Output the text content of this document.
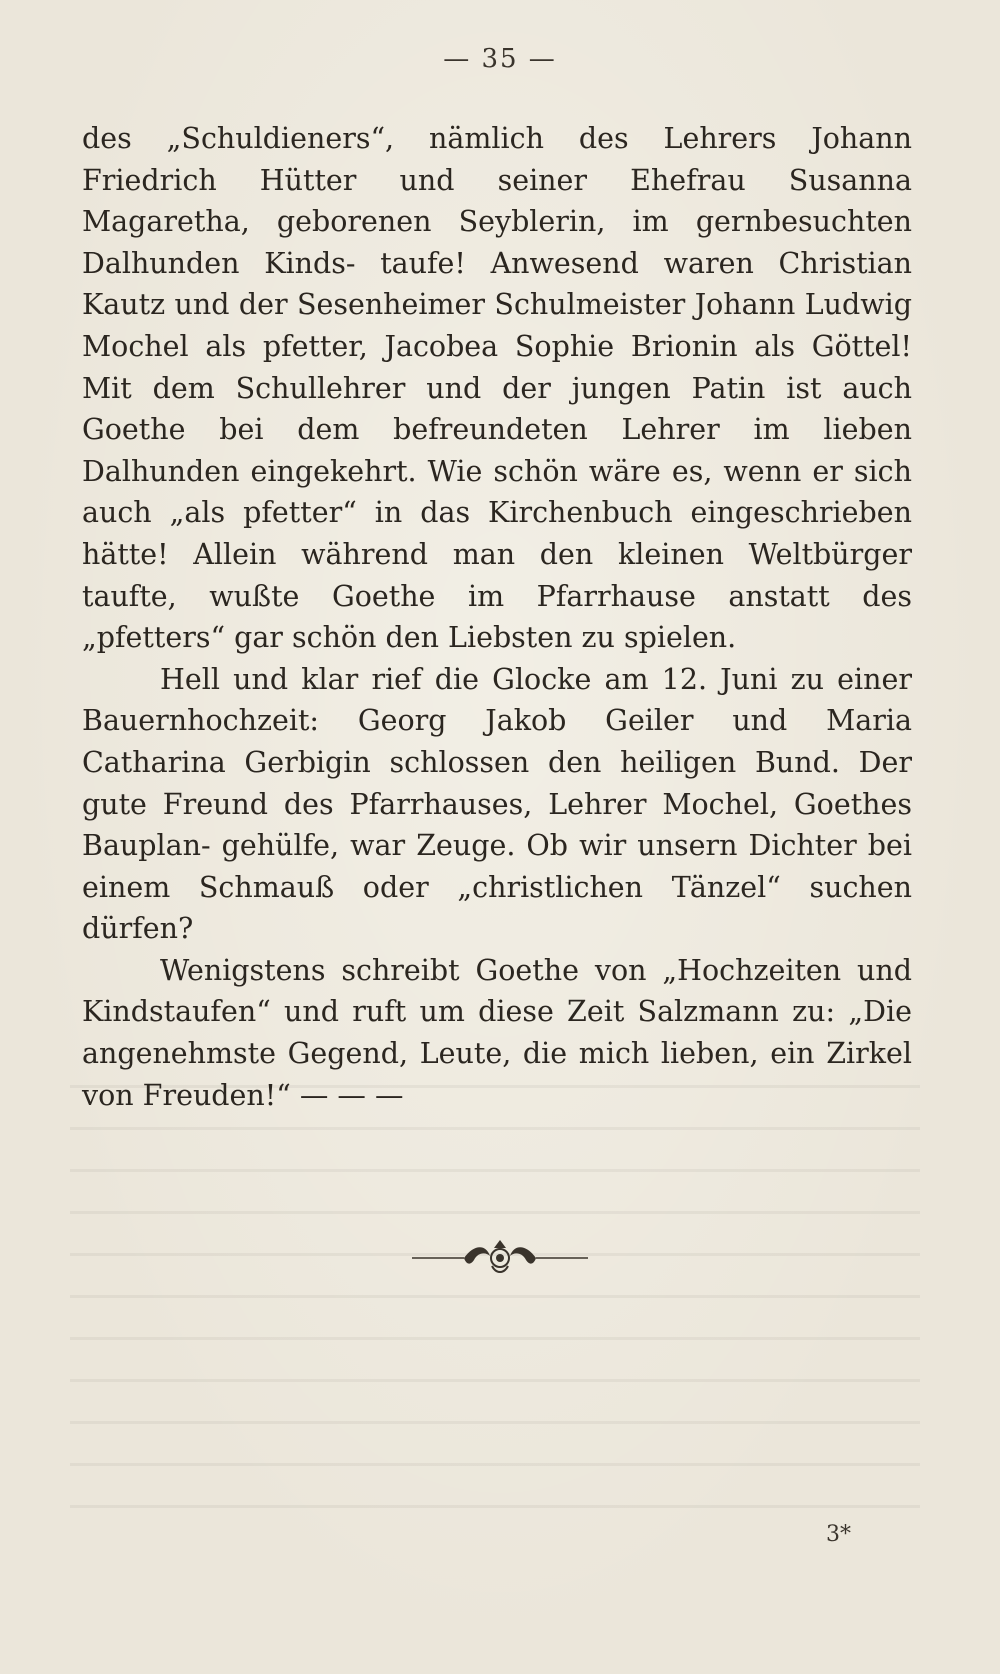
— 35 —

des „Schuldieners“, nämlich des Lehrers Johann Friedrich Hütter und seiner Ehefrau Susanna Magaretha, geborenen Seyblerin, im gernbesuchten Dalhunden Kinds- taufe! Anwesend waren Christian Kautz und der Sesenheimer Schulmeister Johann Ludwig Mochel als pfetter, Jacobea Sophie Brionin als Göttel! Mit dem Schullehrer und der jungen Patin ist auch Goethe bei dem befreundeten Lehrer im lieben Dalhunden eingekehrt. Wie schön wäre es, wenn er sich auch „als pfetter“ in das Kirchenbuch eingeschrieben hätte! Allein während man den kleinen Weltbürger taufte, wußte Goethe im Pfarrhause anstatt des „pfetters“ gar schön den Liebsten zu spielen.

Hell und klar rief die Glocke am 12. Juni zu einer Bauernhochzeit: Georg Jakob Geiler und Maria Catharina Gerbigin schlossen den heiligen Bund. Der gute Freund des Pfarrhauses, Lehrer Mochel, Goethes Bauplan- gehülfe, war Zeuge. Ob wir unsern Dichter bei einem Schmauß oder „christlichen Tänzel“ suchen dürfen?

Wenigstens schreibt Goethe von „Hochzeiten und Kindstaufen“ und ruft um diese Zeit Salzmann zu: „Die angenehmste Gegend, Leute, die mich lieben, ein Zirkel von Freuden!“ — — —

3*
